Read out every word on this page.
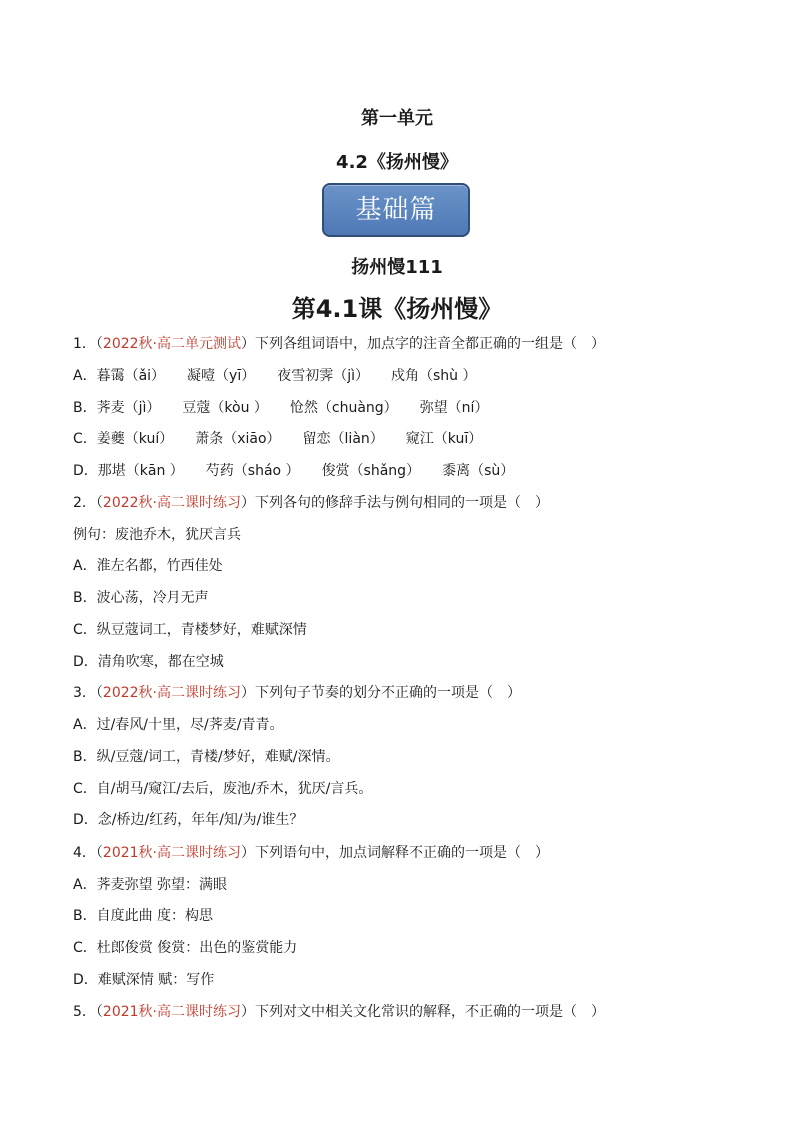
第一单元
4.2《扬州慢》
基础篇
扬州慢111
第4.1课《扬州慢》
1．（2022秋·高二单元测试）下列各组词语中，加点字的注音全都正确的一组是（　）
A．暮霭（ǎi） 凝噎（yī） 夜雪初霁（jì） 戍角（shù ）
B．荠麦（jì） 豆蔻（kòu ） 怆然（chuàng） 弥望（ní）
C．姜夔（kuí） 萧条（xiāo） 留恋（liàn） 窥江（kuī）
D．那堪（kān ） 芍药（sháo ） 俊赏（shǎng） 黍离（sù）
2．（2022秋·高二课时练习）下列各句的修辞手法与例句相同的一项是（　）
例句：废池乔木，犹厌言兵
A．淮左名都，竹西佳处
B．波心荡，冷月无声
C．纵豆蔻词工，青楼梦好，难赋深情
D．清角吹寒，都在空城
3．（2022秋·高二课时练习）下列句子节奏的划分不正确的一项是（　）
A．过/春风/十里，尽/荠麦/青青。
B．纵/豆蔻/词工，青楼/梦好，难赋/深情。
C．自/胡马/窥江/去后，废池/乔木，犹厌/言兵。
D．念/桥边/红药，年年/知/为/谁生？
4．（2021秋·高二课时练习）下列语句中，加点词解释不正确的一项是（　）
A．荠麦弥望 弥望：满眼
B．自度此曲 度：构思
C．杜郎俊赏 俊赏：出色的鉴赏能力
D．难赋深情 赋：写作
5．（2021秋·高二课时练习）下列对文中相关文化常识的解释，不正确的一项是（　）
